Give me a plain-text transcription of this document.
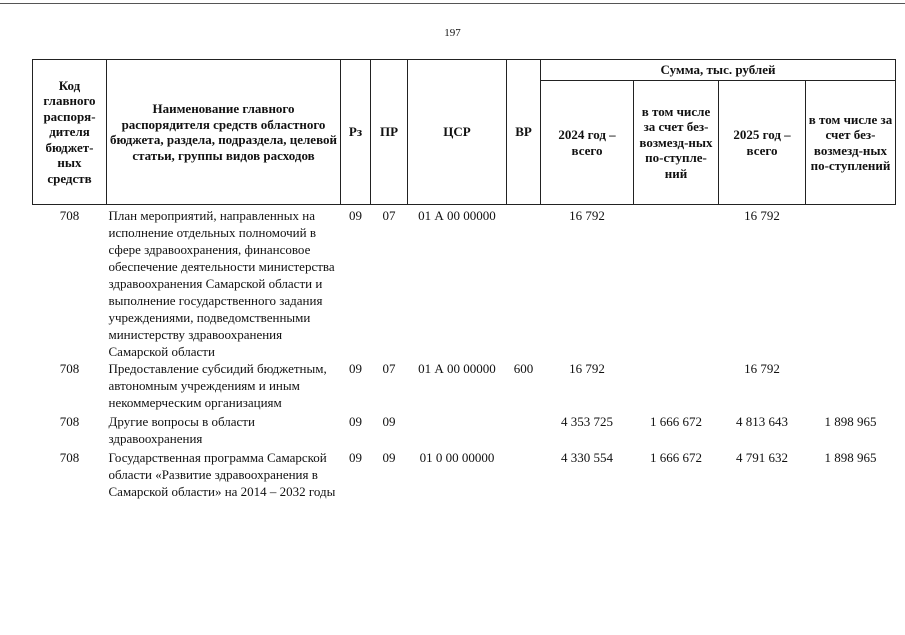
197
Код главного распоря-дителя бюджет-ных средств	Наименование главного распорядителя средств областного бюджета, раздела, подраздела, целевой статьи, группы видов расходов	Рз	ПР	ЦСР	ВР	Сумма, тыс. рублей			
						2024 год – всего	в том числе за счет без-возмезд-ных по-ступле-ний	2025 год – всего	в том числе за счет без-возмезд-ных по-ступлений
708	План мероприятий, направленных на исполнение отдельных полномочий в сфере здравоохранения, финансовое обеспечение деятельности министерства здравоохранения Самарской области и выполнение государственного задания учреждениями, подведомственными министерству здравоохранения Самарской области	09	07	01 А 00 00000		16 792		16 792	
708	Предоставление субсидий бюджетным, автономным учреждениям и иным некоммерческим организациям	09	07	01 А 00 00000	600	16 792		16 792	
708	Другие вопросы в области здравоохранения	09	09			4 353 725	1 666 672	4 813 643	1 898 965
708	Государственная программа Самарской области «Развитие здравоохранения в Самарской области» на 2014 – 2032 годы	09	09	01 0 00 00000		4 330 554	1 666 672	4 791 632	1 898 965
